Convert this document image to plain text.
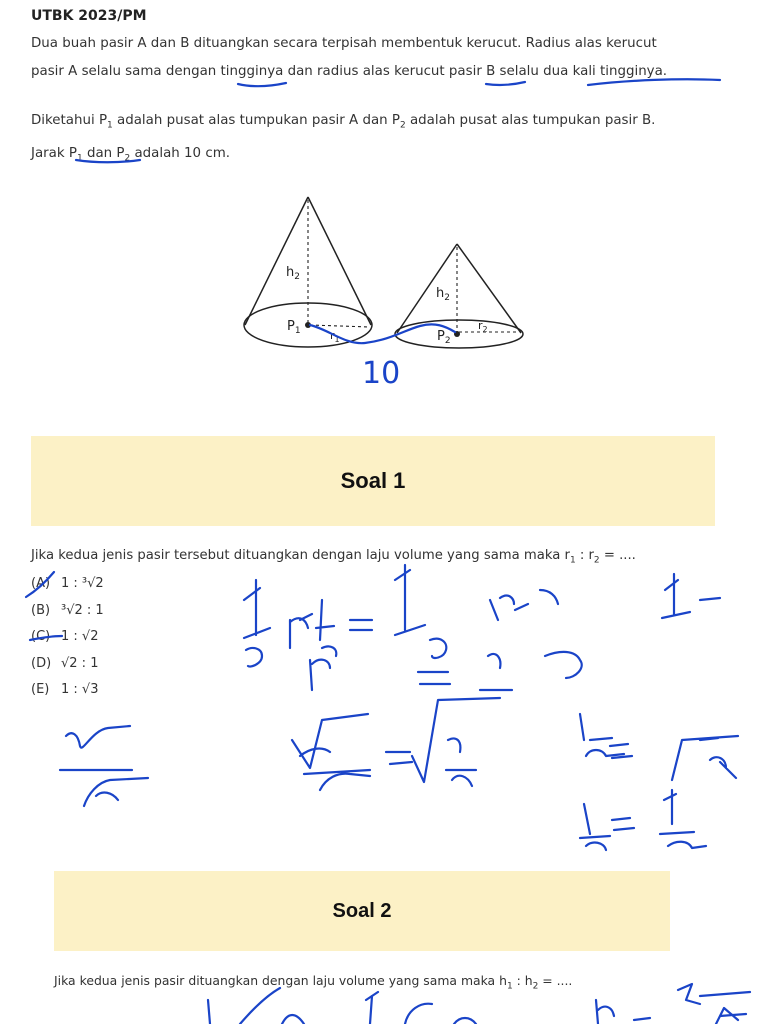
UTBK 2023/PM

Dua buah pasir A dan B dituangkan secara terpisah membentuk kerucut. Radius alas kerucut
pasir A selalu sama dengan tingginya dan radius alas kerucut pasir B selalu dua kali tingginya.

Diketahui $P_1$ adalah pusat alas tumpukan pasir A dan $P_2$ adalah pusat alas tumpukan pasir B.
Jarak $P_1$ dan $P_2$ adalah 10 cm.

$h_2$
$P_1$	$r_1$
$h_2$
$P_2$
$r_2$
Soal 1
Jika kedua jenis pasir tersebut dituangkan dengan laju volume yang sama maka $r_1$ : $r_2$ = ....
(A) 1 : ³√2
(B) ³√2 : 1
(C) 1 : √2
(D) √2 : 1
(E) 1 : √3
Soal 2
Jika kedua jenis pasir dituangkan dengan laju volume yang sama maka $h_1$ : $h_2$ = ....
10
